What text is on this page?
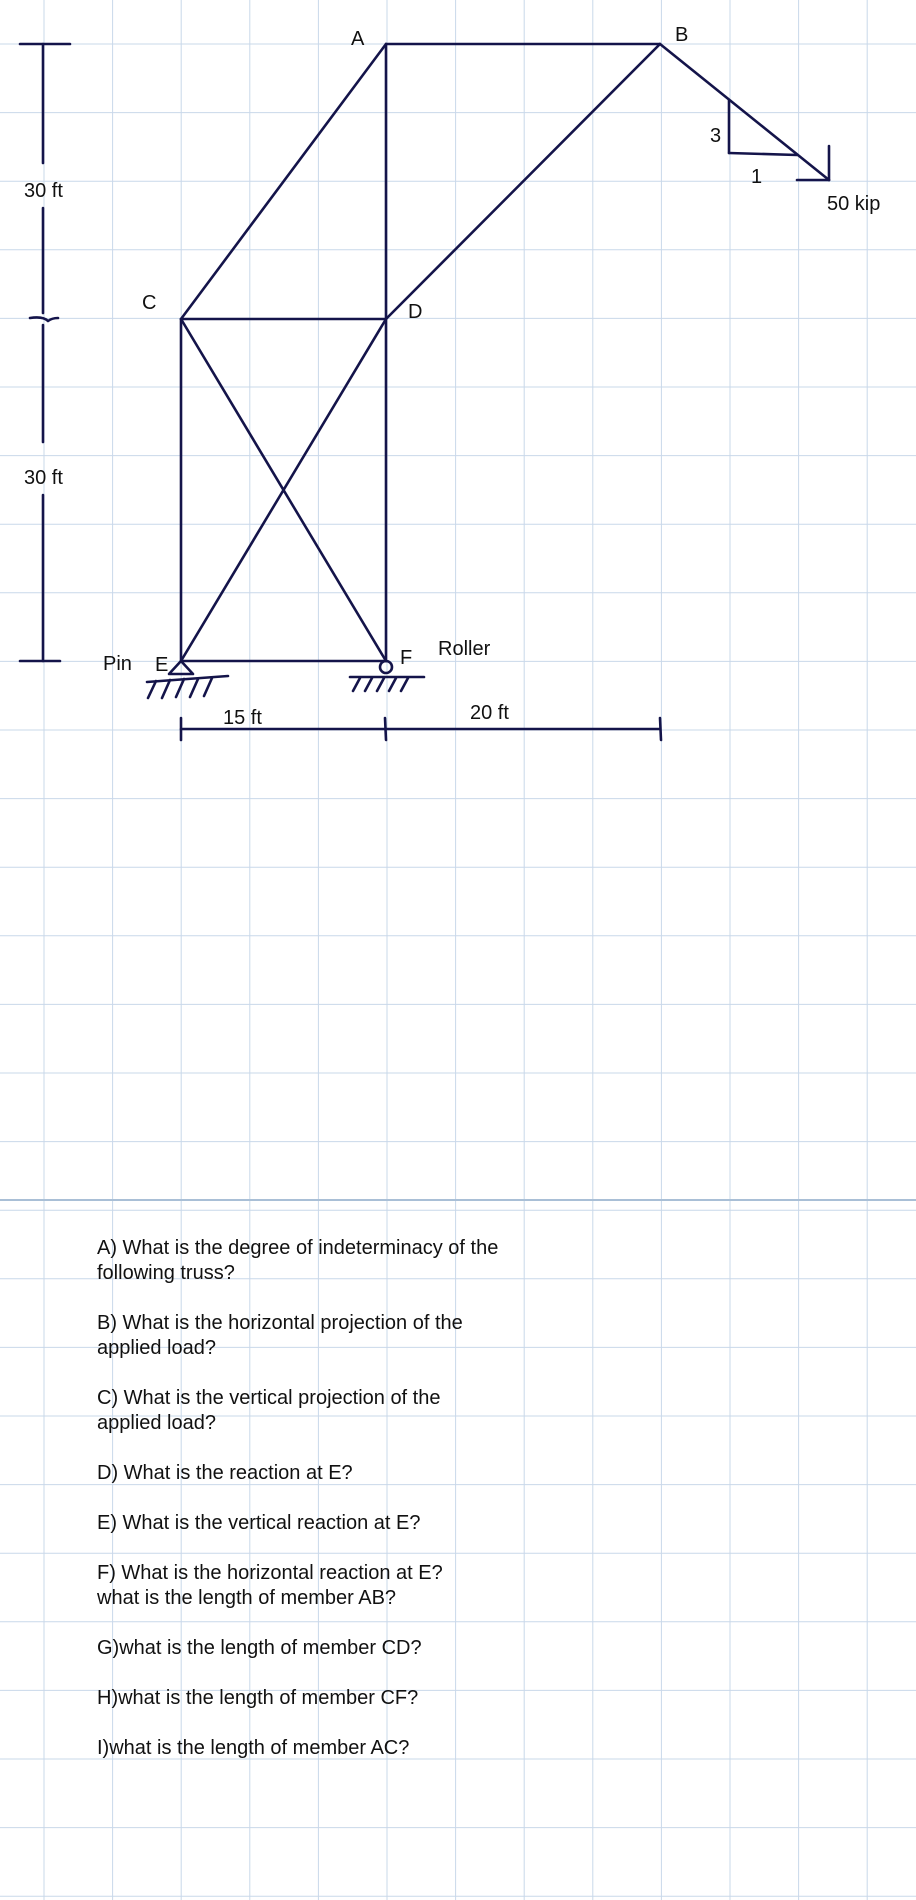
A	B
C	D
E	F
Pin
Roller
30 ft
30 ft
15 ft	20 ft
3
1
50 kip

A) What is the degree of indeterminacy of the
following truss?

B) What is the horizontal projection of the
applied load?

C) What is the vertical projection of the
applied load?

D) What is the reaction at E?

E) What is the vertical reaction at E?

F) What is the horizontal reaction at E?
what is the length of member AB?

G)what is the length of member CD?

H)what is the length of member CF?

I)what is the length of member AC?
